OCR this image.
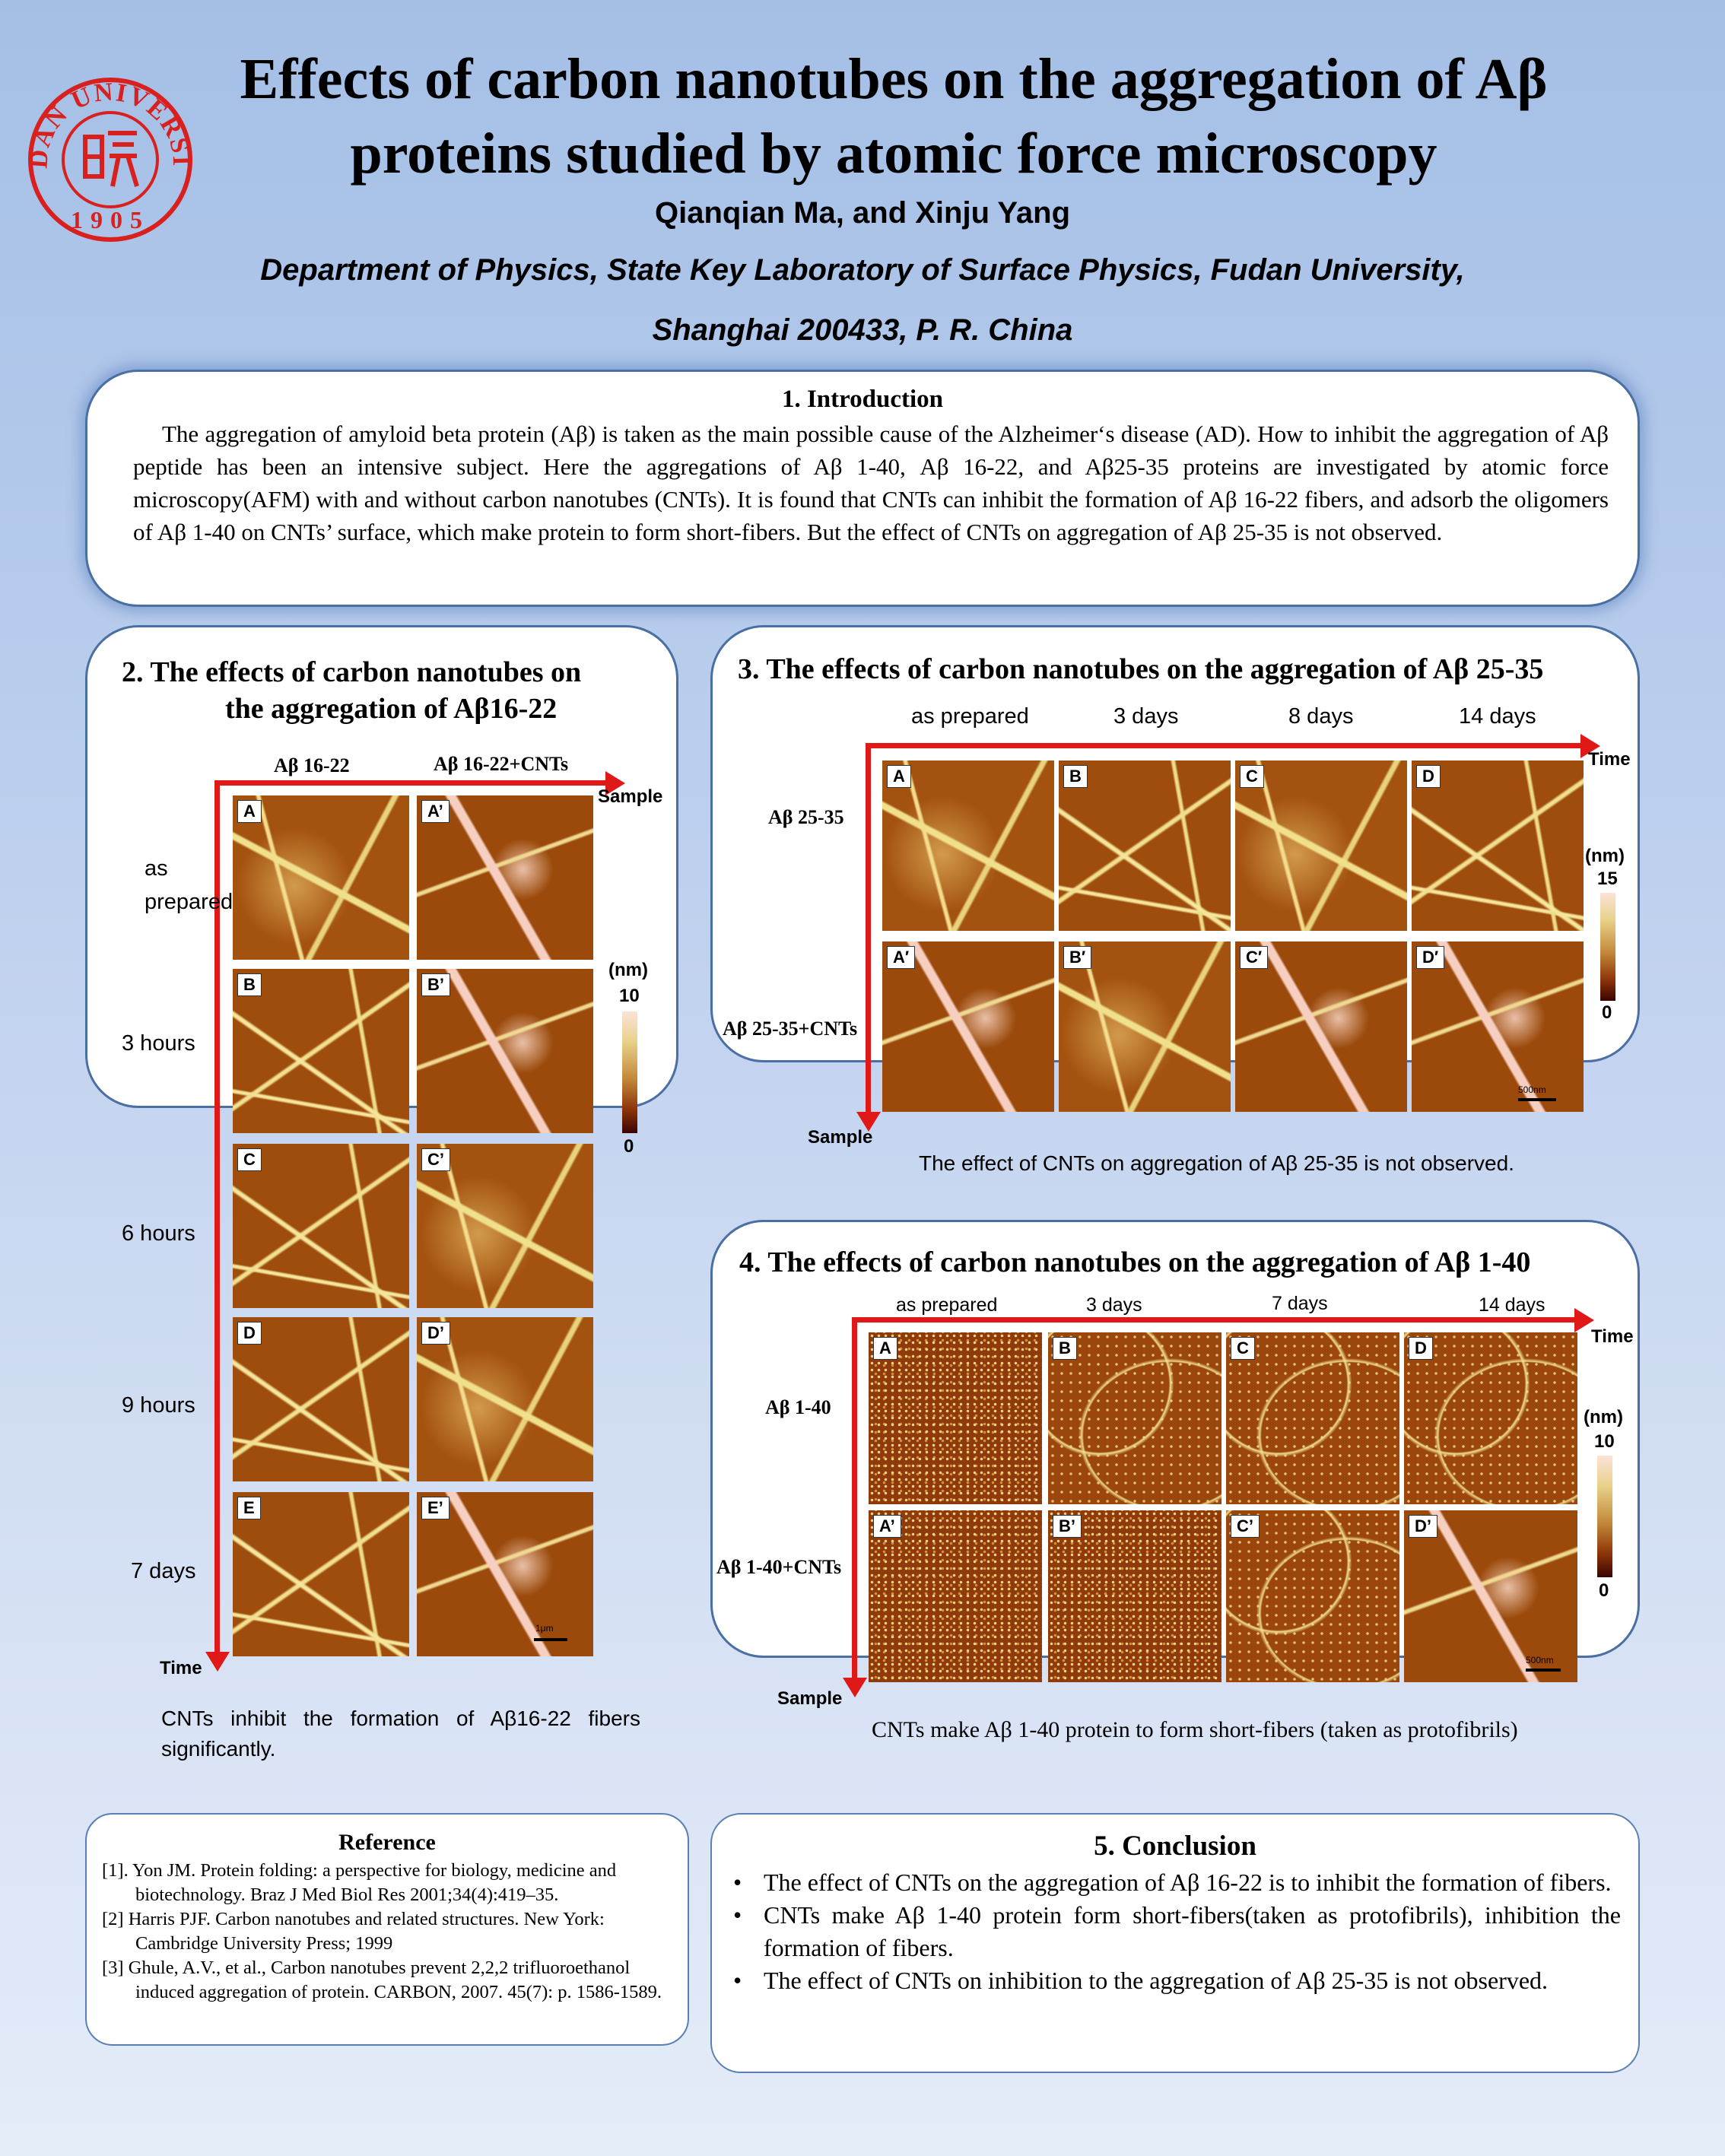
DAN UNIVERSI
1905
Effects of carbon nanotubes on the aggregation of Aβ
proteins studied by atomic force microscopy
Qianqian Ma, and Xinju Yang
Department of Physics, State Key Laboratory of Surface Physics, Fudan University,
Shanghai 200433, P. R. China
1. Introduction
The aggregation of amyloid beta protein (Aβ) is taken as the main possible cause of the Alzheimer‘s disease (AD). How to inhibit the aggregation of Aβ peptide has been an intensive subject. Here the aggregations of Aβ 1-40, Aβ 16-22, and Aβ25-35 proteins are investigated by atomic force microscopy(AFM) with and without carbon nanotubes (CNTs). It is found that CNTs can inhibit the formation of Aβ 16-22 fibers, and adsorb the oligomers of Aβ 1-40 on CNTs’ surface, which make protein to form short-fibers. But the effect of CNTs on aggregation of Aβ 25-35 is not observed.
2. The effects of carbon nanotubes on
the aggregation of Aβ16-22
Aβ 16-22	Aβ 16-22+CNTs
Sample
Time
as prepared
3 hours
6 hours
9 hours
7 days
A	A’
B	B’
C	C’
D	D’
E	E’
1μm
(nm)
10
0
CNTs inhibit the formation of Aβ16-22 fibers significantly.
3. The effects of carbon nanotubes on the aggregation of Aβ 25-35
as prepared	3 days	8 days	14 days
Time
Sample
Aβ 25-35
Aβ 25-35+CNTs
A	B	C	D
A′	B′	C′	D′
500nm
(nm)
15
0
The effect of CNTs on aggregation of Aβ 25-35 is not observed.
4. The effects of carbon nanotubes on the aggregation of Aβ 1-40
as prepared	3 days	7 days	14 days
Time
Sample
Aβ 1-40
Aβ 1-40+CNTs
A	B	C	D
A’	B’	C’	D’
500nm
(nm)
10
0
CNTs make Aβ 1-40 protein to form short-fibers (taken as protofibrils)
Reference
[1]. Yon JM. Protein folding: a perspective for biology, medicine and biotechnology. Braz J Med Biol Res 2001;34(4):419–35.
[2] Harris PJF. Carbon nanotubes and related structures. New York: Cambridge University Press; 1999
[3] Ghule, A.V., et al., Carbon nanotubes prevent 2,2,2 trifluoroethanol induced aggregation of protein. CARBON, 2007. 45(7): p. 1586-1589.
5. Conclusion
• The effect of CNTs on the aggregation of Aβ 16-22 is to inhibit the formation of fibers.
• CNTs make Aβ 1-40 protein form short-fibers(taken as protofibrils), inhibition the formation of fibers.
• The effect of CNTs on inhibition to the aggregation of Aβ 25-35 is not observed.
